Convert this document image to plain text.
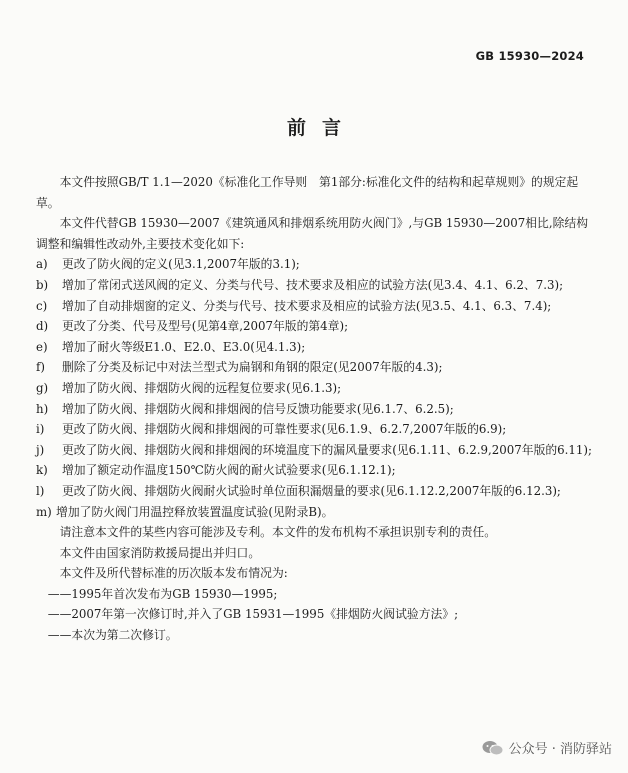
GB 15930—2024
前言

本文件按照GB/T 1.1—2020《标准化工作导则　第1部分:标准化文件的结构和起草规则》的规定起草。

本文件代替GB 15930—2007《建筑通风和排烟系统用防火阀门》,与GB 15930—2007相比,除结构调整和编辑性改动外,主要技术变化如下:

a)	更改了防火阀的定义(见3.1,2007年版的3.1);
b)	增加了常闭式送风阀的定义、分类与代号、技术要求及相应的试验方法(见3.4、4.1、6.2、7.3);
c)	增加了自动排烟窗的定义、分类与代号、技术要求及相应的试验方法(见3.5、4.1、6.3、7.4);
d)	更改了分类、代号及型号(见第4章,2007年版的第4章);
e)	增加了耐火等级E1.0、E2.0、E3.0(见4.1.3);
f)	删除了分类及标记中对法兰型式为扁钢和角钢的限定(见2007年版的4.3);
g)	增加了防火阀、排烟防火阀的远程复位要求(见6.1.3);
h)	增加了防火阀、排烟防火阀和排烟阀的信号反馈功能要求(见6.1.7、6.2.5);
i)	更改了防火阀、排烟防火阀和排烟阀的可靠性要求(见6.1.9、6.2.7,2007年版的6.9);
j)	更改了防火阀、排烟防火阀和排烟阀的环境温度下的漏风量要求(见6.1.11、6.2.9,2007年版的6.11);
k)	增加了额定动作温度150℃防火阀的耐火试验要求(见6.1.12.1);
l)	更改了防火阀、排烟防火阀耐火试验时单位面积漏烟量的要求(见6.1.12.2,2007年版的6.12.3);
m) 增加了防火阀门用温控释放装置温度试验(见附录B)。

请注意本文件的某些内容可能涉及专利。本文件的发布机构不承担识别专利的责任。

本文件由国家消防救援局提出并归口。

本文件及所代替标准的历次版本发布情况为:

——1995年首次发布为GB 15930—1995;

——2007年第一次修订时,并入了GB 15931—1995《排烟防火阀试验方法》;

——本次为第二次修订。

公众号 · 消防驿站
